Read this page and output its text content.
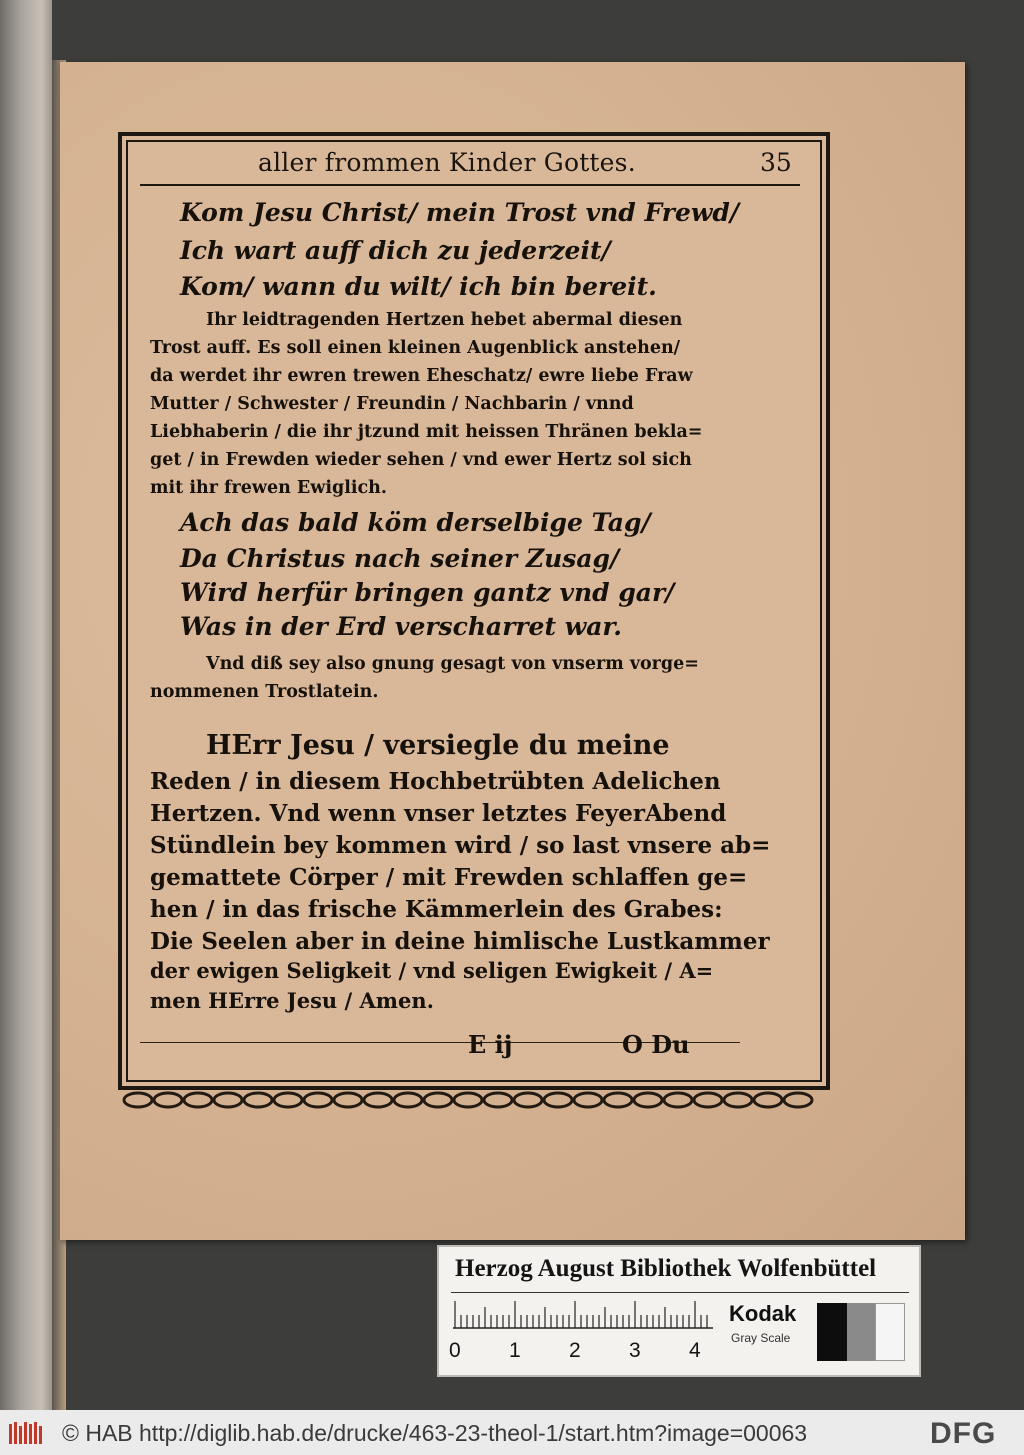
aller frommen Kinder Gottes.	35
Kom Jesu Christ/ mein Trost vnd Frewd/
Ich wart auff dich zu jederzeit/
Kom/ wann du wilt/ ich bin bereit.
Ihr leidtragenden Hertzen hebet abermal diesen
Trost auff. Es soll einen kleinen Augenblick anstehen/
da werdet ihr ewren trewen Eheschatz/ ewre liebe Fraw
Mutter / Schwester / Freundin / Nachbarin / vnnd
Liebhaberin / die ihr jtzund mit heissen Thränen bekla=
get / in Frewden wieder sehen / vnd ewer Hertz sol sich
mit ihr frewen Ewiglich.
Ach das bald köm derselbige Tag/
Da Christus nach seiner Zusag/
Wird herfür bringen gantz vnd gar/
Was in der Erd verscharret war.
Vnd diß sey also gnung gesagt von vnserm vorge=
nommenen Trostlatein.
HErr Jesu / versiegle du meine
Reden / in diesem Hochbetrübten Adelichen
Hertzen. Vnd wenn vnser letztes FeyerAbend
Stündlein bey kommen wird / so last vnsere ab=
gemattete Cörper / mit Frewden schlaffen ge=
hen / in das frische Kämmerlein des Grabes:
Die Seelen aber in deine himlische Lustkammer
der ewigen Seligkeit / vnd seligen Ewigkeit / A=
men HErre Jesu / Amen.
E ij	O Du
Herzog August Bibliothek Wolfenbüttel
0 1 2 3 4
Kodak
Gray Scale
© HAB http://diglib.hab.de/drucke/463-23-theol-1/start.htm?image=00063	DFG
